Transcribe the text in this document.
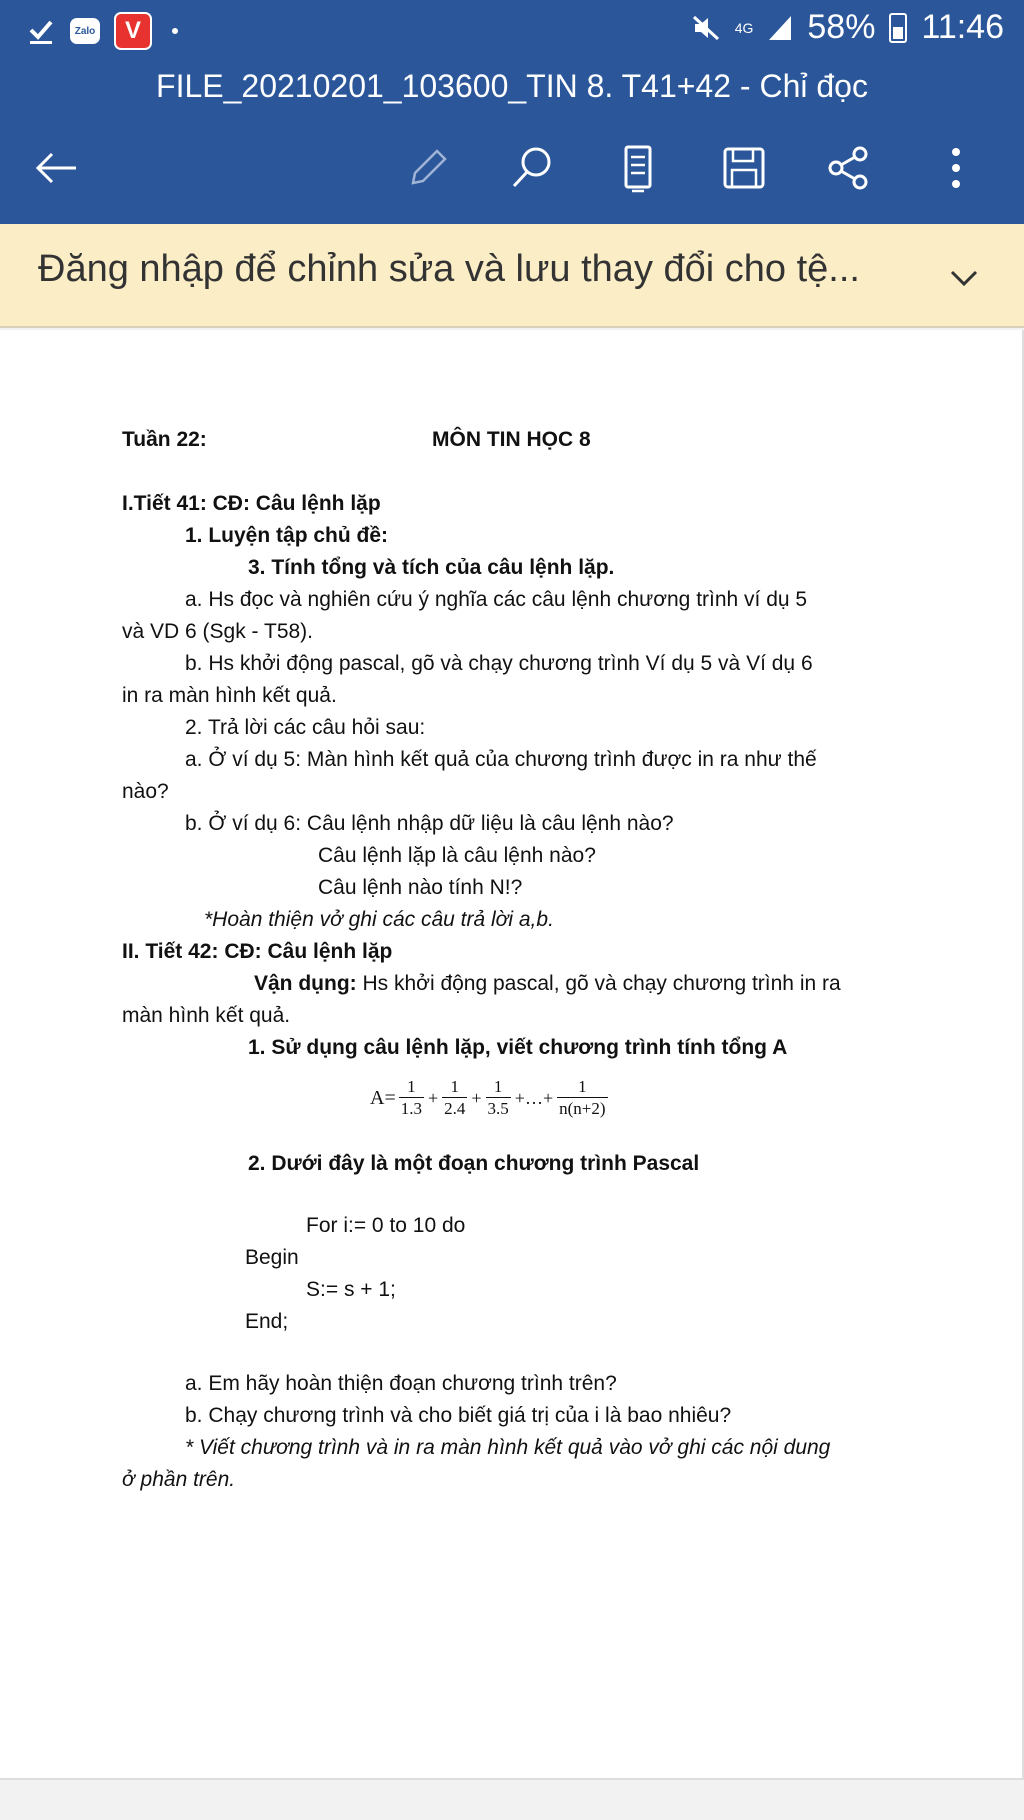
Zalo	V	4G 58% 11:46
FILE_20210201_103600_TIN 8. T41+42 - Chỉ đọc
Đăng nhập để chỉnh sửa và lưu thay đổi cho tệ...
Tuần 22:	MÔN TIN HỌC 8
I.Tiết 41: CĐ: Câu lệnh lặp
1. Luyện tập chủ đề:
3. Tính tổng và tích của câu lệnh lặp.
a. Hs đọc và nghiên cứu ý nghĩa các câu lệnh chương trình ví dụ 5
và VD 6 (Sgk - T58).
b. Hs khởi động pascal, gõ và chạy chương trình Ví dụ 5 và Ví dụ 6
in ra màn hình kết quả.
2. Trả lời các câu hỏi sau:
a. Ở ví dụ 5: Màn hình kết quả của chương trình được in ra như thế
nào?
b. Ở ví dụ 6: Câu lệnh nhập dữ liệu là câu lệnh nào?
Câu lệnh lặp là câu lệnh nào?
Câu lệnh nào tính N!?
*Hoàn thiện vở ghi các câu trả lời a,b.
II. Tiết 42: CĐ: Câu lệnh lặp
Vận dụng: Hs khởi động pascal, gõ và chạy chương trình in ra
màn hình kết quả.
1. Sử dụng câu lệnh lặp, viết chương trình tính tổng A
$A= \frac{1}{1.3} + \frac{1}{2.4} + \frac{1}{3.5}$ +…+ $\frac{1}{n(n+2)}$
2. Dưới đây là một đoạn chương trình Pascal
For i:= 0 to 10 do
Begin
S:= s + 1;
End;
a. Em hãy hoàn thiện đoạn chương trình trên?
b. Chạy chương trình và cho biết giá trị của i là bao nhiêu?
* Viết chương trình và in ra màn hình kết quả vào vở ghi các nội dung
ở phần trên.
